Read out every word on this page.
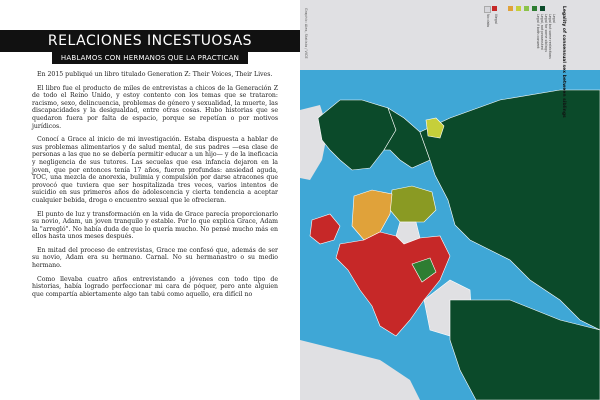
RELACIONES INCESTUOSAS
HABLAMOS CON HERMANOS QUE LA PRACTICAN

En 2015 publiqué un libro titulado Generation Z: Their Voices, Their Lives.

El libro fue el producto de miles de entrevistas a chicos de la Generación Z de todo el Reino Unido, y estoy contento con los temas que se trataron: racismo, sexo, delincuencia, problemas de género y sexualidad, la muerte, las discapacidades y la desigualdad, entre otras cosas. Hubo historias que se quedaron fuera por falta de espacio, porque se repetían o por motivos jurídicos.

Conocí a Grace al inicio de mi investigación. Estaba dispuesta a hablar de sus problemas alimentarios y de salud mental, de sus padres —esa clase de personas a las que no se debería permitir educar a un hijo— y de la ineficacia y negligencia de sus tutores. Las secuelas que esa infancia dejaron en la joven, que por entonces tenía 17 años, fueron profundas: ansiedad aguda, TOC, una mezcla de anorexia, bulimia y compulsión por darse atracones que provocó que tuviera que ser hospitalizada tres veces, varios intentos de suicidio en sus primeros años de adolescencia y cierta tendencia a aceptar cualquier bebida, droga o encuentro sexual que le ofrecieran.

El punto de luz y transformación en la vida de Grace parecía proporcionarlo su novio, Adam, un joven tranquilo y estable. Por lo que explica Grace, Adam la "arregló". No había duda de que lo quería mucho. No pensé mucho más en ellos hasta unos meses después.

En mitad del proceso de entrevistas, Grace me confesó que, además de ser su novio, Adam era su hermano. Carnal. No su hermanastro o su medio hermano.

Como llevaba cuatro años entrevistando a jóvenes con todo tipo de historias, había logrado perfeccionar mi cara de póquer, pero ante alguien que compartía abiertamente algo tan tabú como aquello, era difícil no

Graphic: Alex, Statista / VICE	Legality of consensual sex between siblings
Legal
Legal but some restrictions
Legal for some siblings
Legal, not prosecuted
Legal if both consent
Illegal
No data
